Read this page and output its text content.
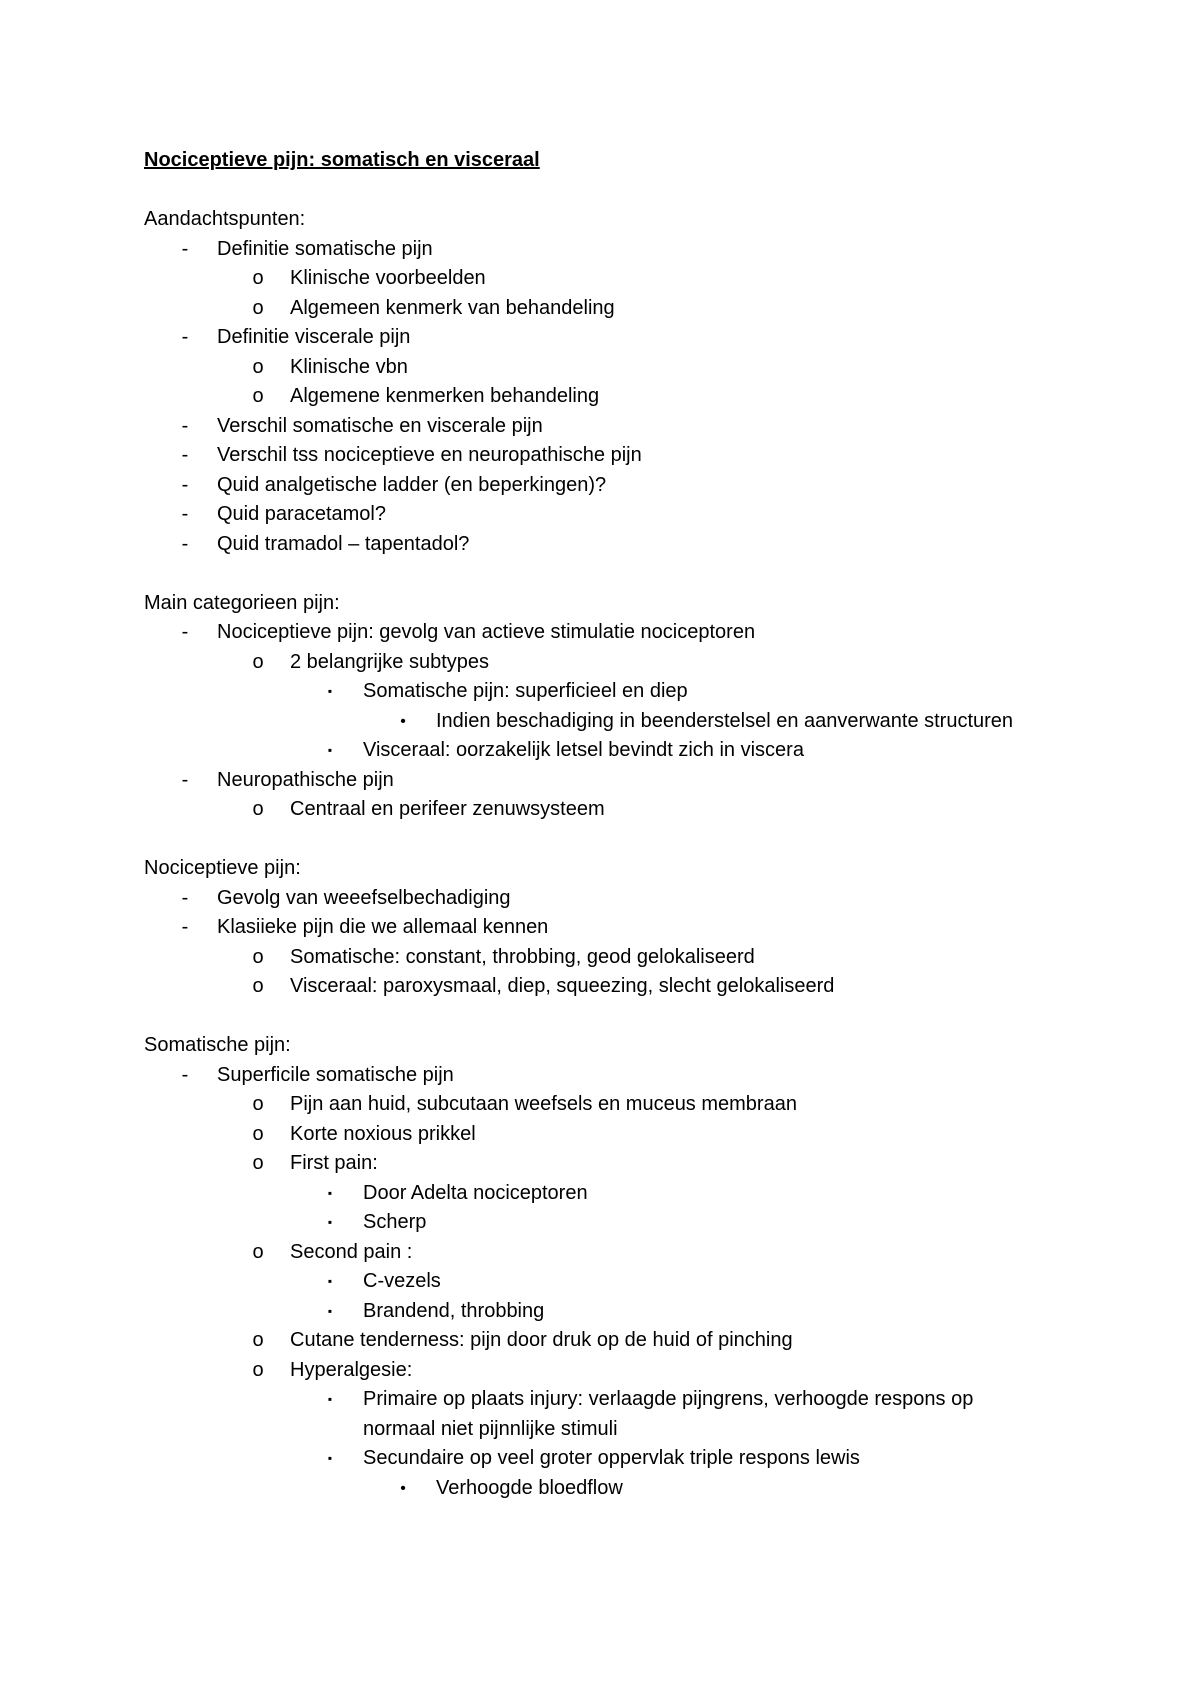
Nociceptieve pijn: somatisch en visceraal
Aandachtspunten:
-	Definitie somatische pijn
o	Klinische voorbeelden
o	Algemeen kenmerk van behandeling
-	Definitie viscerale pijn
o	Klinische vbn
o	Algemene kenmerken behandeling
-	Verschil somatische en viscerale pijn
-	Verschil tss nociceptieve en neuropathische pijn
-	Quid analgetische ladder (en beperkingen)?
-	Quid paracetamol?
-	Quid tramadol – tapentadol?
Main categorieen pijn:
-	Nociceptieve pijn: gevolg van actieve stimulatie nociceptoren
o	2 belangrijke subtypes
▪	Somatische pijn: superficieel en diep
•	Indien beschadiging in beenderstelsel en aanverwante structuren
▪	Visceraal: oorzakelijk letsel bevindt zich in viscera
-	Neuropathische pijn
o	Centraal en perifeer zenuwsysteem
Nociceptieve pijn:
-	Gevolg van weeefselbechadiging
-	Klasiieke pijn die we allemaal kennen
o	Somatische: constant, throbbing, geod gelokaliseerd
o	Visceraal: paroxysmaal, diep, squeezing, slecht gelokaliseerd
Somatische pijn:
-	Superficile somatische pijn
o	Pijn aan huid, subcutaan weefsels en muceus membraan
o	Korte noxious prikkel
o	First pain:
▪	Door Adelta nociceptoren
▪	Scherp
o	Second pain :
▪	C-vezels
▪	Brandend, throbbing
o	Cutane tenderness: pijn door druk op de huid of pinching
o	Hyperalgesie:
▪	Primaire op plaats injury: verlaagde pijngrens, verhoogde respons op normaal niet pijnnlijke stimuli
▪	Secundaire op veel groter oppervlak triple respons lewis
•	Verhoogde bloedflow
